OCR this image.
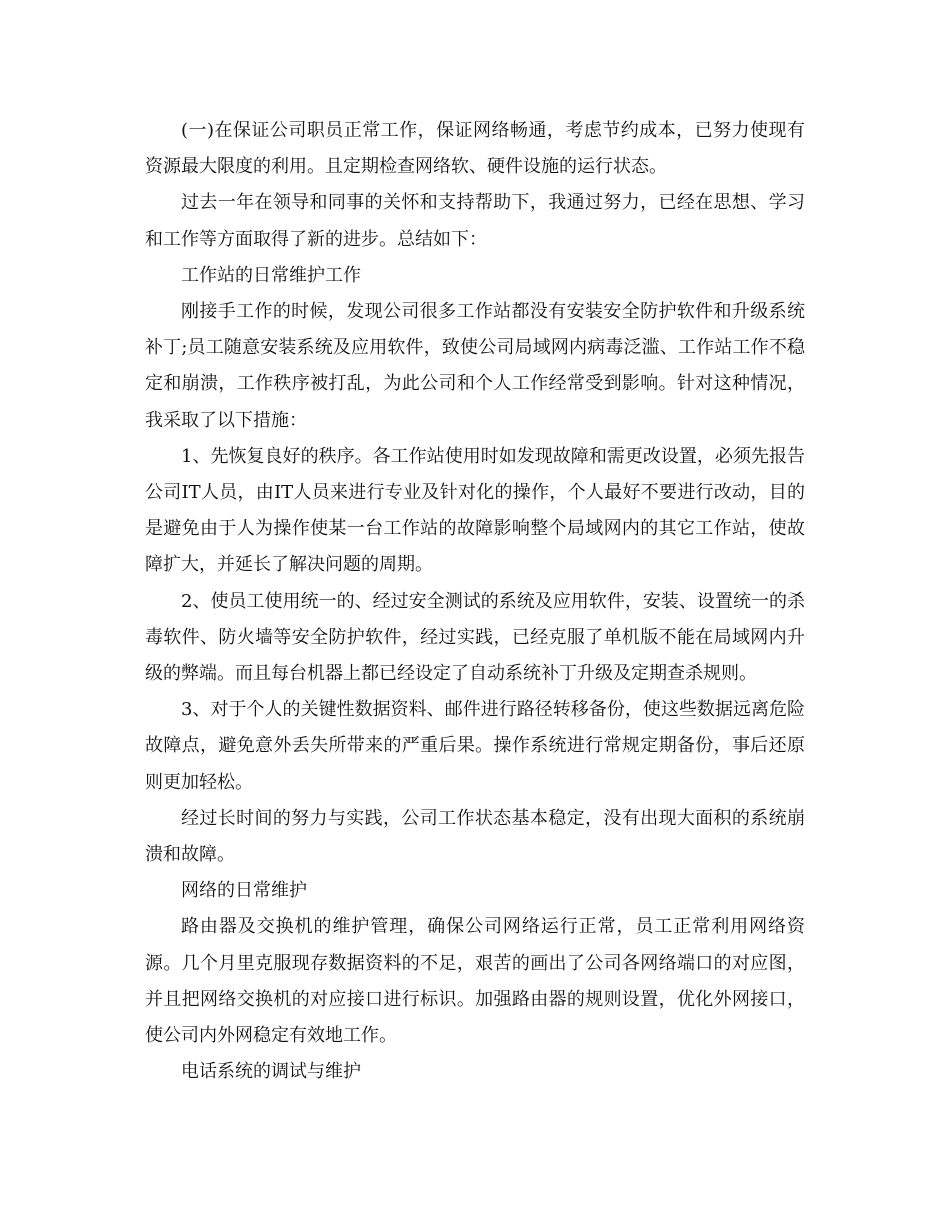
(一)在保证公司职员正常工作，保证网络畅通，考虑节约成本，已努力使现有资源最大限度的利用。且定期检查网络软、硬件设施的运行状态。

过去一年在领导和同事的关怀和支持帮助下，我通过努力，已经在思想、学习和工作等方面取得了新的进步。总结如下：

工作站的日常维护工作

刚接手工作的时候，发现公司很多工作站都没有安装安全防护软件和升级系统补丁;员工随意安装系统及应用软件，致使公司局域网内病毒泛滥、工作站工作不稳定和崩溃，工作秩序被打乱，为此公司和个人工作经常受到影响。针对这种情况，我采取了以下措施：

1、先恢复良好的秩序。各工作站使用时如发现故障和需更改设置，必须先报告公司IT人员，由IT人员来进行专业及针对化的操作，个人最好不要进行改动，目的是避免由于人为操作使某一台工作站的故障影响整个局域网内的其它工作站，使故障扩大，并延长了解决问题的周期。

2、使员工使用统一的、经过安全测试的系统及应用软件，安装、设置统一的杀毒软件、防火墙等安全防护软件，经过实践，已经克服了单机版不能在局域网内升级的弊端。而且每台机器上都已经设定了自动系统补丁升级及定期查杀规则。

3、对于个人的关键性数据资料、邮件进行路径转移备份，使这些数据远离危险故障点，避免意外丢失所带来的严重后果。操作系统进行常规定期备份，事后还原则更加轻松。

经过长时间的努力与实践，公司工作状态基本稳定，没有出现大面积的系统崩溃和故障。

网络的日常维护

路由器及交换机的维护管理，确保公司网络运行正常，员工正常利用网络资源。几个月里克服现存数据资料的不足，艰苦的画出了公司各网络端口的对应图，并且把网络交换机的对应接口进行标识。加强路由器的规则设置，优化外网接口，使公司内外网稳定有效地工作。

电话系统的调试与维护
